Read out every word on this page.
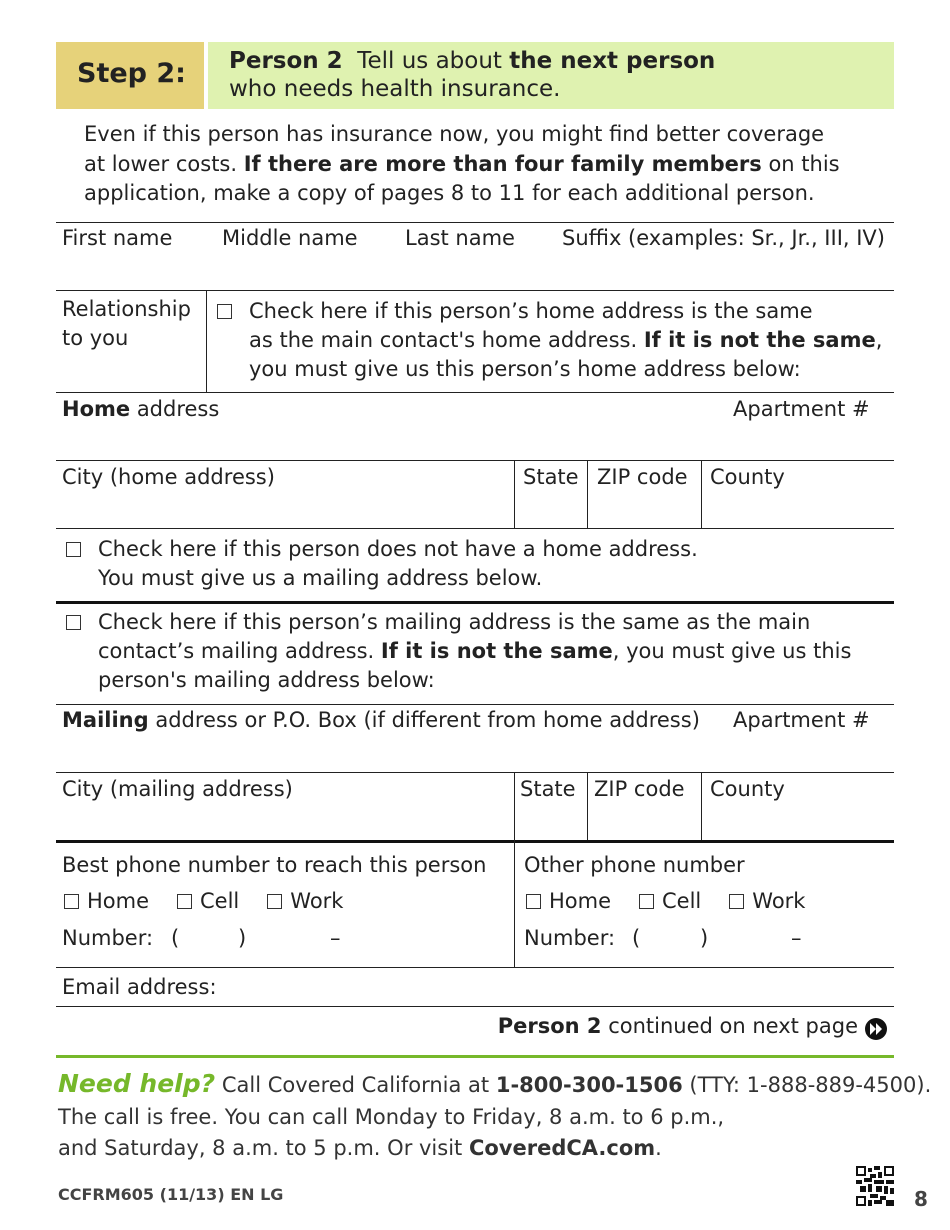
Step 2: Person 2  Tell us about the next person
who needs health insurance.
Even if this person has insurance now, you might find better coverage
at lower costs. If there are more than four family members on this
application, make a copy of pages 8 to 11 for each additional person.
First name Middle name Last name Suffix (examples: Sr., Jr., III, IV)
Relationship
to you
Check here if this person’s home address is the same
as the main contact's home address. If it is not the same,
you must give us this person’s home address below:
Home address	Apartment #
City (home address)	State ZIP code County
Check here if this person does not have a home address.
You must give us a mailing address below.
Check here if this person’s mailing address is the same as the main
contact’s mailing address. If it is not the same, you must give us this
person's mailing address below:
Mailing address or P.O. Box (if different from home address) Apartment #
City (mailing address)	State ZIP code County
Best phone number to reach this person
Home Cell Work
Number: (	)	–
Other phone number
Home Cell Work
Number: (	)	–
Email address:
Person 2 continued on next page
Need help? Call Covered California at 1-800-300-1506 (TTY: 1-888-889-4500).
The call is free. You can call Monday to Friday, 8 a.m. to 6 p.m.,
and Saturday, 8 a.m. to 5 p.m. Or visit CoveredCA.com.
CCFRM605 (11/13) EN LG	8
